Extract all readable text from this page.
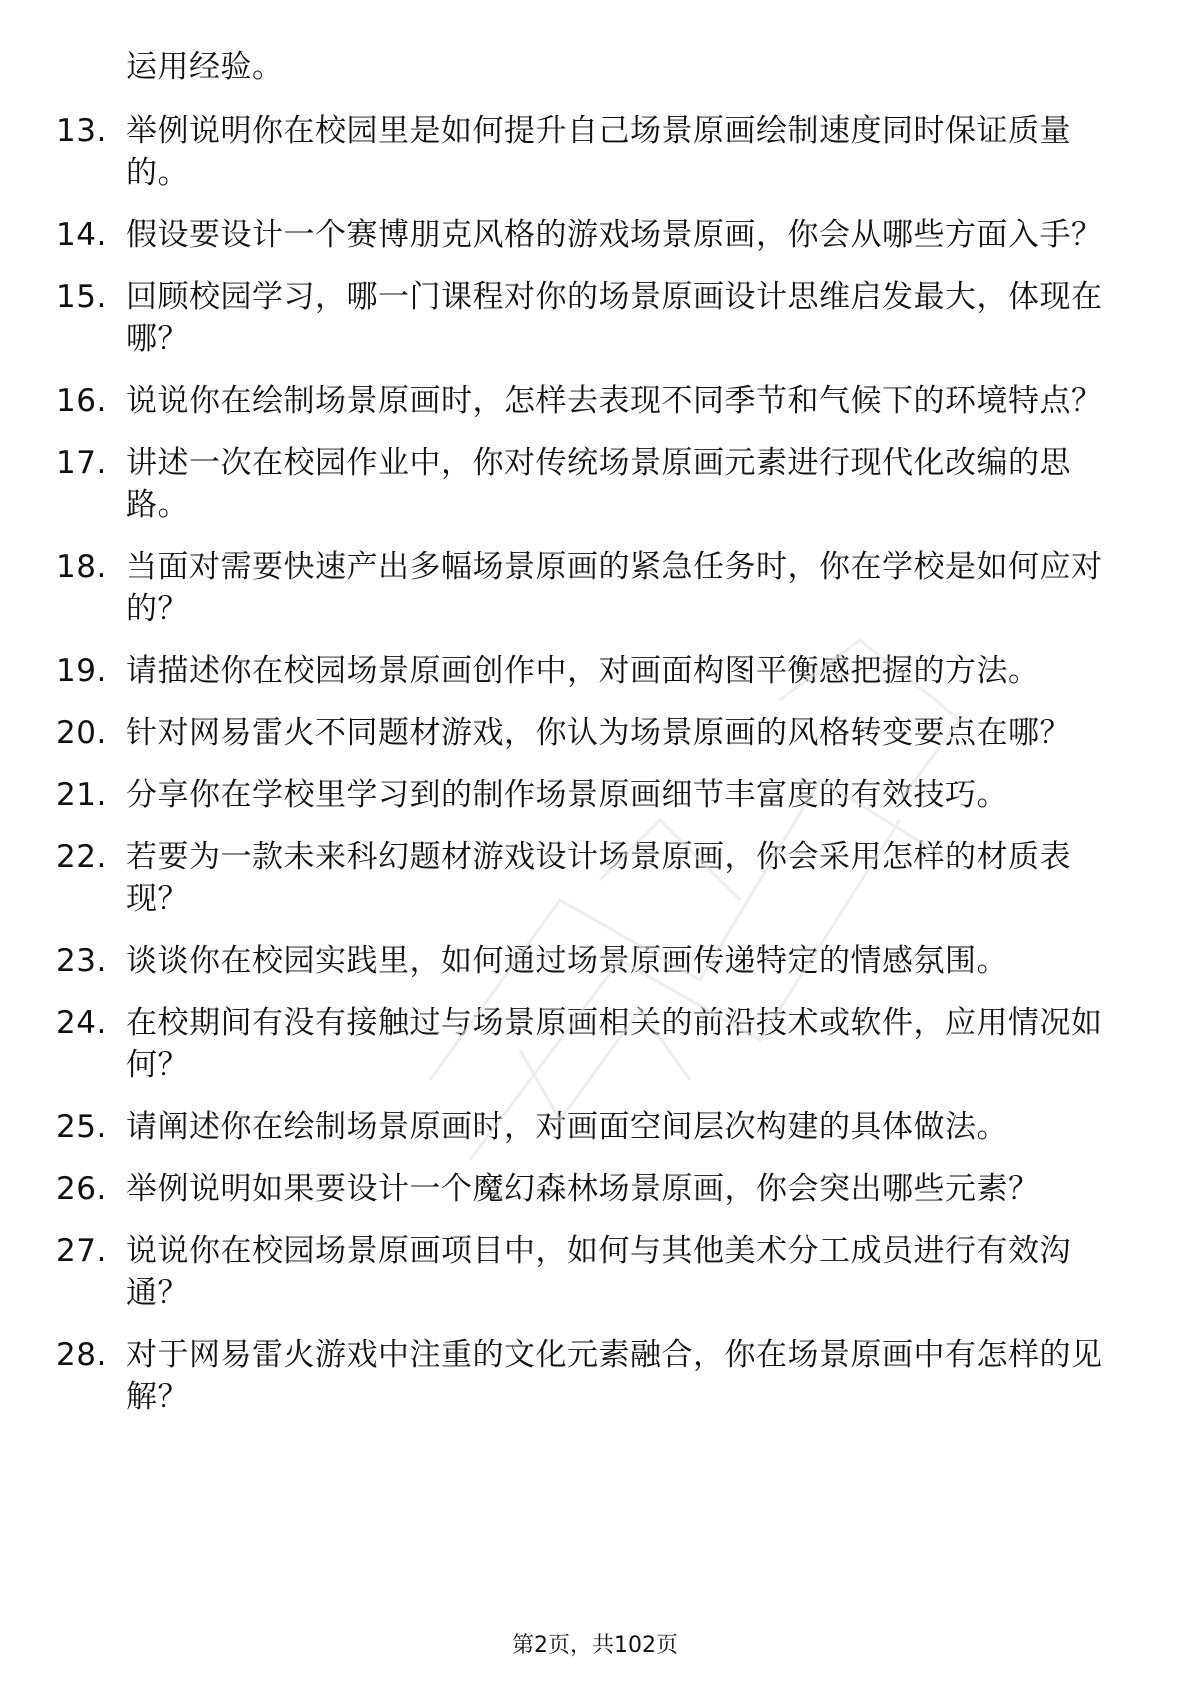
运用经验。
13. 举例说明你在校园里是如何提升自己场景原画绘制速度同时保证质量的。
14. 假设要设计一个赛博朋克风格的游戏场景原画，你会从哪些方面入手？
15. 回顾校园学习，哪一门课程对你的场景原画设计思维启发最大，体现在哪？
16. 说说你在绘制场景原画时，怎样去表现不同季节和气候下的环境特点？
17. 讲述一次在校园作业中，你对传统场景原画元素进行现代化改编的思路。
18. 当面对需要快速产出多幅场景原画的紧急任务时，你在学校是如何应对的？
19. 请描述你在校园场景原画创作中，对画面构图平衡感把握的方法。
20. 针对网易雷火不同题材游戏，你认为场景原画的风格转变要点在哪？
21. 分享你在学校里学习到的制作场景原画细节丰富度的有效技巧。
22. 若要为一款未来科幻题材游戏设计场景原画，你会采用怎样的材质表现？
23. 谈谈你在校园实践里，如何通过场景原画传递特定的情感氛围。
24. 在校期间有没有接触过与场景原画相关的前沿技术或软件，应用情况如何？
25. 请阐述你在绘制场景原画时，对画面空间层次构建的具体做法。
26. 举例说明如果要设计一个魔幻森林场景原画，你会突出哪些元素？
27. 说说你在校园场景原画项目中，如何与其他美术分工成员进行有效沟通？
28. 对于网易雷火游戏中注重的文化元素融合，你在场景原画中有怎样的见解？
第2页，共102页
